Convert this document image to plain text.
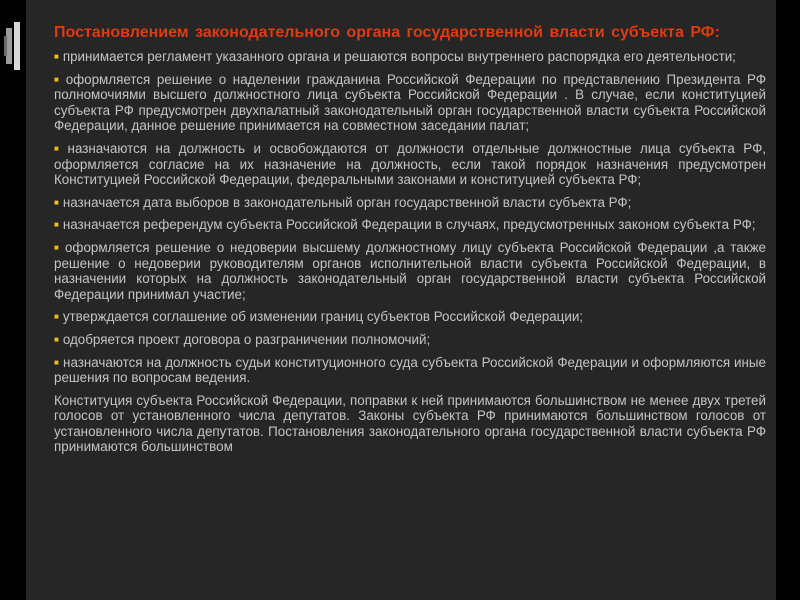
Постановлением законодательного органа государственной власти субъекта РФ:
■ принимается регламент указанного органа и решаются вопросы внутреннего распорядка его деятельности;
■ оформляется решение о наделении гражданина Российской Федерации по представлению Президента РФ полномочиями высшего должностного лица субъекта Российской Федерации . В случае, если конституцией субъекта РФ предусмотрен двухпалатный законодательный орган государственной власти субъекта Российской Федерации, данное решение принимается на совместном заседании палат;
■ назначаются на должность и освобождаются от должности отдельные должностные лица субъекта РФ, оформляется согласие на их назначение на должность, если такой порядок назначения предусмотрен Конституцией Российской Федерации, федеральными законами и конституцией субъекта РФ;
■ назначается дата выборов в законодательный орган государственной власти субъекта РФ;
■ назначается референдум субъекта Российской Федерации в случаях, предусмотренных законом субъекта РФ;
■ оформляется решение о недоверии высшему должностному лицу субъекта Российской Федерации ,а также решение о недоверии руководителям органов исполнительной власти субъекта Российской Федерации, в назначении которых на должность законодательный орган государственной власти субъекта Российской Федерации принимал участие;
■ утверждается соглашение об изменении границ субъектов Российской Федерации;
■ одобряется проект договора о разграничении полномочий;
■ назначаются на должность судьи конституционного суда субъекта Российской Федерации и оформляются иные решения по вопросам ведения.
Конституция субъекта Российской Федерации, поправки к ней принимаются большинством не менее двух третей голосов от установленного числа депутатов. Законы субъекта РФ принимаются большинством голосов от установленного числа депутатов. Постановления законодательного органа государственной власти субъекта РФ принимаются большинством
